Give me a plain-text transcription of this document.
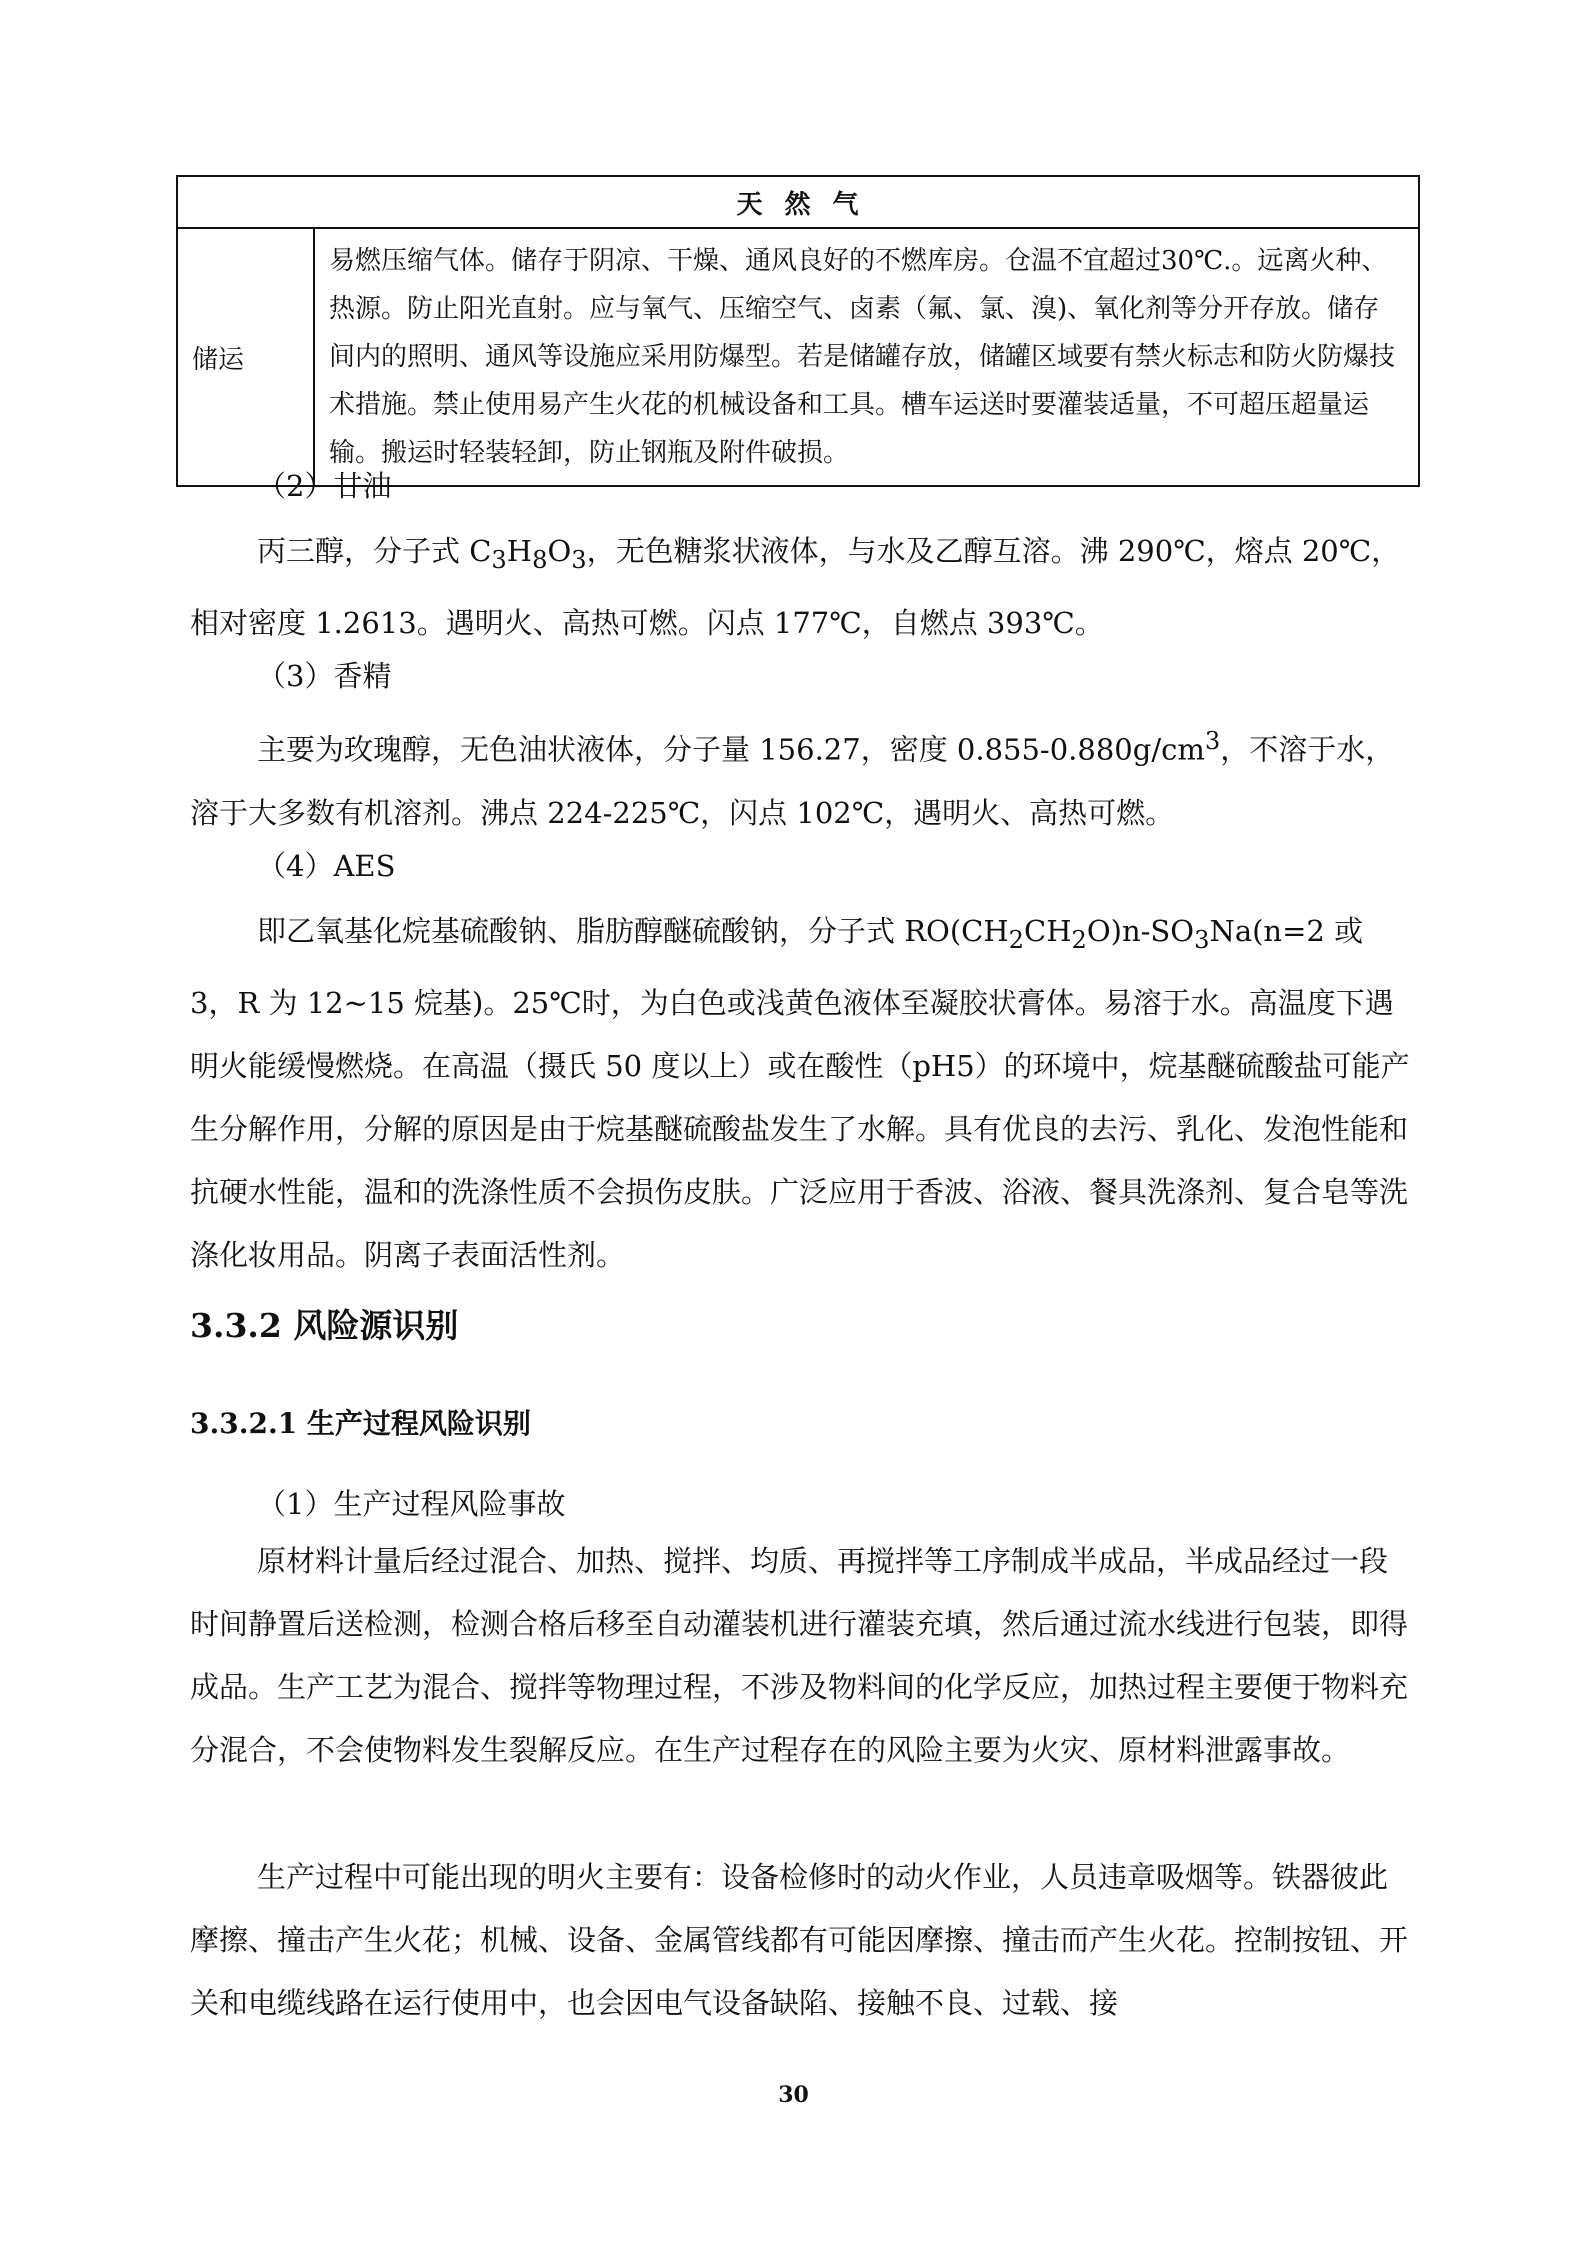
天然气
储运	易燃压缩气体。储存于阴凉、干燥、通风良好的不燃库房。仓温不宜超过30℃.。远离火种、热源。防止阳光直射。应与氧气、压缩空气、卤素（氟、氯、溴)、氧化剂等分开存放。储存间内的照明、通风等设施应采用防爆型。若是储罐存放，储罐区域要有禁火标志和防火防爆技术措施。禁止使用易产生火花的机械设备和工具。槽车运送时要灌装适量，不可超压超量运输。搬运时轻装轻卸，防止钢瓶及附件破损。
（2）甘油
丙三醇，分子式 $C_3H_8O_3$，无色糖浆状液体，与水及乙醇互溶。沸 290℃，熔点 20℃，相对密度 1.2613。遇明火、高热可燃。闪点 177℃，自燃点 393℃。
（3）香精
主要为玫瑰醇，无色油状液体，分子量 156.27，密度 $0.855-0.880g/cm^3$，不溶于水，溶于大多数有机溶剂。沸点 224-225℃，闪点 102℃，遇明火、高热可燃。
（4）AES
即乙氧基化烷基硫酸钠、脂肪醇醚硫酸钠，分子式 $RO(CH_2CH_2O)n-SO_3Na(n=2$ 或 3，R 为 12~15 烷基)。25℃时，为白色或浅黄色液体至凝胶状膏体。易溶于水。高温度下遇明火能缓慢燃烧。在高温（摄氏 50 度以上）或在酸性（pH5）的环境中，烷基醚硫酸盐可能产生分解作用，分解的原因是由于烷基醚硫酸盐发生了水解。具有优良的去污、乳化、发泡性能和抗硬水性能，温和的洗涤性质不会损伤皮肤。广泛应用于香波、浴液、餐具洗涤剂、复合皂等洗涤化妆用品。阴离子表面活性剂。
3.3.2 风险源识别
3.3.2.1 生产过程风险识别
（1）生产过程风险事故
原材料计量后经过混合、加热、搅拌、均质、再搅拌等工序制成半成品，半成品经过一段时间静置后送检测，检测合格后移至自动灌装机进行灌装充填，然后通过流水线进行包装，即得成品。生产工艺为混合、搅拌等物理过程，不涉及物料间的化学反应，加热过程主要便于物料充分混合，不会使物料发生裂解反应。在生产过程存在的风险主要为火灾、原材料泄露事故。
生产过程中可能出现的明火主要有：设备检修时的动火作业，人员违章吸烟等。铁器彼此摩擦、撞击产生火花；机械、设备、金属管线都有可能因摩擦、撞击而产生火花。控制按钮、开关和电缆线路在运行使用中，也会因电气设备缺陷、接触不良、过载、接
30
